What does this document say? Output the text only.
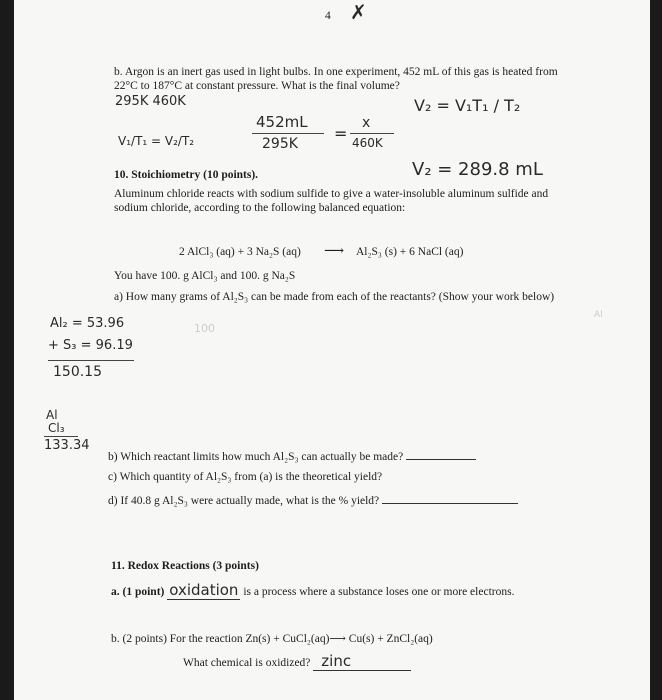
4 ✗
b. Argon is an inert gas used in light bulbs. In one experiment, 452 mL of this gas is heated from
22°C to 187°C at constant pressure. What is the final volume?
295K 460K	V₂ = V₁T₁ / T₂
452mL
295K
=
x
460K
V₁/T₁ = V₂/T₂
V₂ = 289.8 mL
10. Stoichiometry (10 points).
Aluminum chloride reacts with sodium sulfide to give a water-insoluble aluminum sulfide and
sodium chloride, according to the following balanced equation:
2 AlCl₃ (aq) + 3 Na₂S (aq) ⟶ Al₂S₃ (s) + 6 NaCl (aq)
You have 100. g AlCl₃ and 100. g Na₂S
a) How many grams of Al₂S₃ can be made from each of the reactants? (Show your work below)
Al₂ = 53.96	100
Al
+ S₃ = 96.19
150.15
Al
Cl₃
133.34
b) Which reactant limits how much Al₂S₃ can actually be made?
c) Which quantity of Al₂S₃ from (a) is the theoretical yield?
d) If 40.8 g Al₂S₃ were actually made, what is the % yield?
11. Redox Reactions (3 points)
a. (1 point) oxidation is a process where a substance loses one or more electrons.
b. (2 points) For the reaction Zn(s) + CuCl₂(aq)⟶ Cu(s) + ZnCl₂(aq)
What chemical is oxidized? zinc
